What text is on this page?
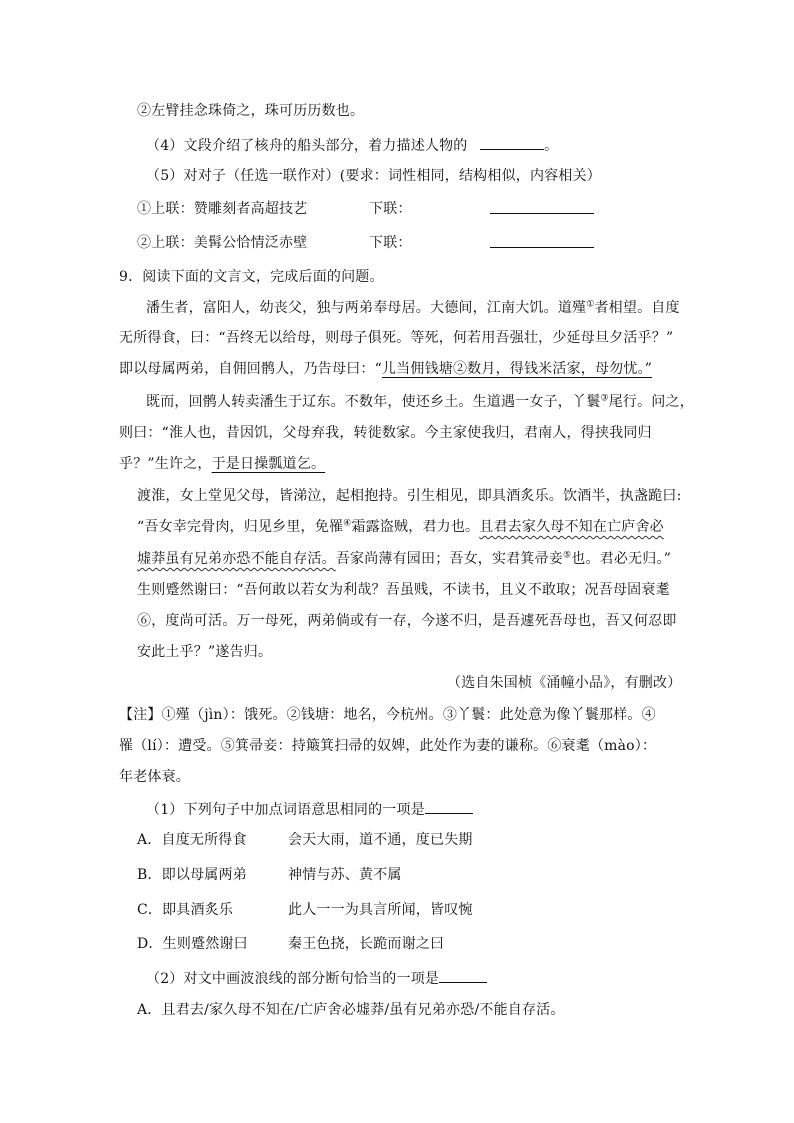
②左臂挂念珠倚之，珠可历历数也。
（4）文段介绍了核舟的船头部分，着力描述人物的	。
（5）对对子（任选一联作对）(要求：词性相同，结构相似，内容相关）
①上联：赞雕刻者高超技艺	下联：
②上联：美髯公恰情泛赤壁	下联：
9．阅读下面的文言文，完成后面的问题。
潘生者，富阳人，幼丧父，独与两弟奉母居。大德间，江南大饥。道殣①者相望。自度
无所得食，曰：“吾终无以给母，则母子俱死。等死，何若用吾强壮，少延母旦夕活乎？”
即以母属两弟，自佣回鹘人，乃告母曰：“儿当佣钱塘②数月，得钱米活家，母勿忧。”
既而，回鹘人转卖潘生于辽东。不数年，使还乡土。生道遇一女子，丫鬟③尾行。问之，
则曰：“淮人也，昔因饥，父母弃我，转徙数家。今主家使我归，君南人，得挟我同归
乎？”生许之，于是日操瓢道乞。
渡淮，女上堂见父母，皆涕泣，起相抱持。引生相见，即具酒炙乐。饮酒半，执盏跪曰:
“吾女幸完骨肉，归见乡里，免罹④霜露盗贼，君力也。且君去家久母不知在亡庐舍必
墟莽虽有兄弟亦恐不能自存活。吾家尚薄有园田；吾女，实君箕帚妾⑤也。君必无归。”
生则蹙然谢曰：“吾何敢以若女为利哉？吾虽贱，不读书，且义不敢取；况吾母固衰耄
⑥，度尚可活。万一母死，两弟倘或有一存，今遂不归，是吾遽死吾母也，吾又何忍即
安此土乎？”遂告归。
（选自朱国桢《涌幢小品》，有删改）
【注】①殣（jìn）：饿死。②钱塘：地名，今杭州。③丫鬟：此处意为像丫鬟那样。④
罹（lí）：遭受。⑤箕帚妾：持簸箕扫帚的奴婢，此处作为妻的谦称。⑥衰耄（mào）：
年老体衰。
（1）下列句子中加点词语意思相同的一项是
A．自度无所得食	会天大雨，道不通，度已失期
B．即以母属两弟	神情与苏、黄不属
C．即具酒炙乐	此人一一为具言所闻，皆叹惋
D．生则蹙然谢曰	秦王色挠，长跪而谢之曰
（2）对文中画波浪线的部分断句恰当的一项是
A．且君去/家久母不知在/亡庐舍必墟莽/虽有兄弟亦恐/不能自存活。
